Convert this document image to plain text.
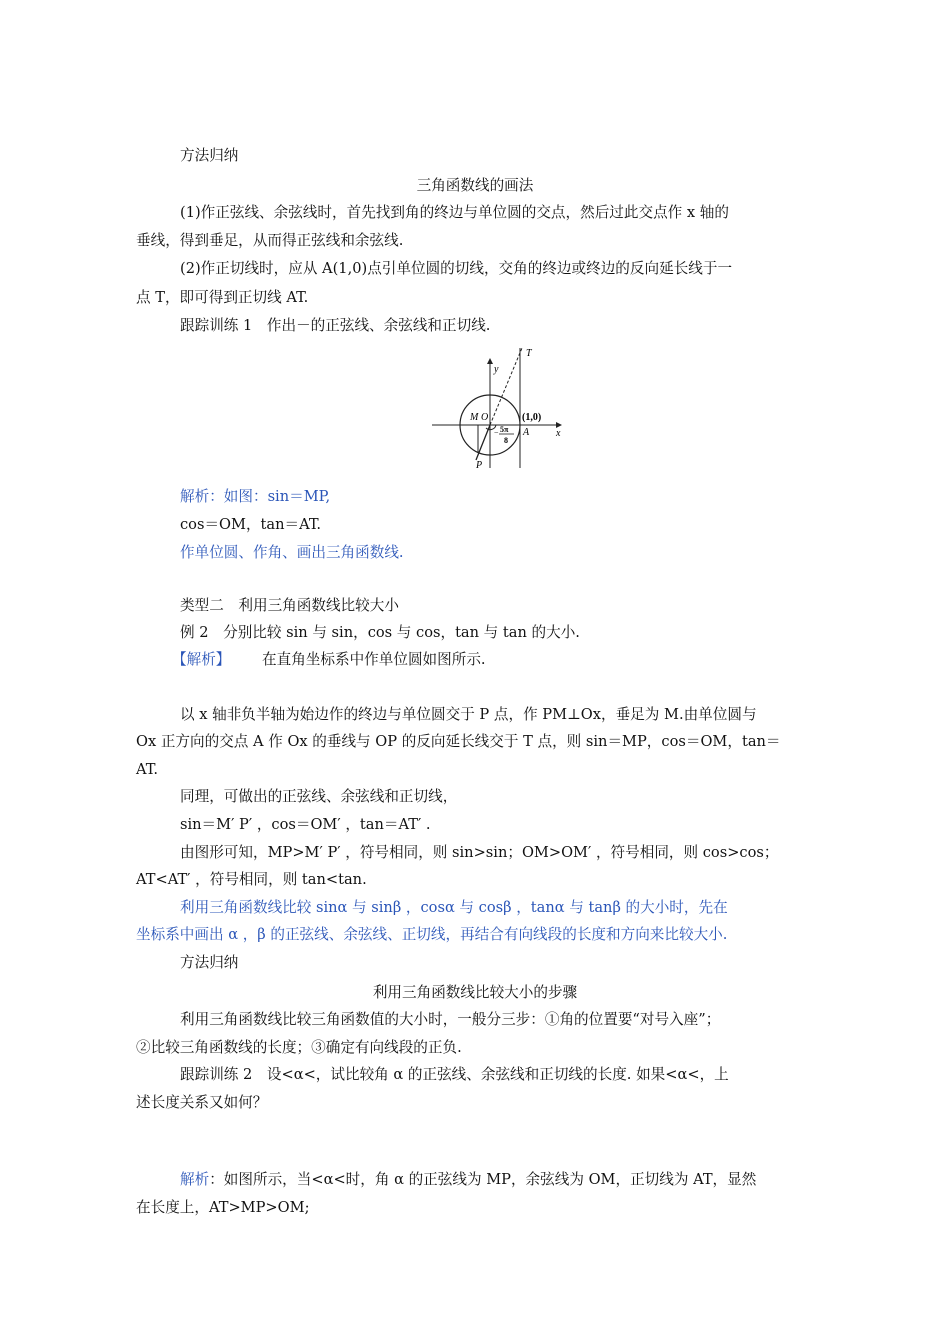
方法归纳
三角函数线的画法
(1)作正弦线、余弦线时，首先找到角的终边与单位圆的交点，然后过此交点作 x 轴的
垂线，得到垂足，从而得正弦线和余弦线.
(2)作正切线时，应从 A(1,0)点引单位圆的切线，交角的终边或终边的反向延长线于一
点 T，即可得到正切线 AT.
跟踪训练 1　作出－的正弦线、余弦线和正切线.
y
T
M O	(1,0)
A	x
P
− 5π
8
解析：如图：sin＝MP,
cos＝OM，tan＝AT.
作单位圆、作角、画出三角函数线.
类型二　利用三角函数线比较大小
例 2　分别比较 sin 与 sin，cos 与 cos，tan 与 tan 的大小.
【解析】 在直角坐标系中作单位圆如图所示.
以 x 轴非负半轴为始边作的终边与单位圆交于 P 点，作 PM⊥Ox，垂足为 M.由单位圆与
Ox 正方向的交点 A 作 Ox 的垂线与 OP 的反向延长线交于 T 点，则 sin＝MP，cos＝OM，tan＝
AT.
同理，可做出的正弦线、余弦线和正切线，
sin＝M′ P′ ，cos＝OM′ ，tan＝AT′ .
由图形可知，MP>M′ P′ ，符号相同，则 sin>sin；OM>OM′ ，符号相同，则 cos>cos；
AT<AT′ ，符号相同，则 tan<tan.
利用三角函数线比较 sinα 与 sinβ ，cosα 与 cosβ ，tanα 与 tanβ 的大小时，先在
坐标系中画出 α ，β 的正弦线、余弦线、正切线，再结合有向线段的长度和方向来比较大小.
方法归纳
利用三角函数线比较大小的步骤
利用三角函数线比较三角函数值的大小时，一般分三步：①角的位置要“对号入座”；
②比较三角函数线的长度；③确定有向线段的正负.
跟踪训练 2　设<α<，试比较角 α 的正弦线、余弦线和正切线的长度. 如果<α<，上
述长度关系又如何？
解析：如图所示，当<α<时，角 α 的正弦线为 MP，余弦线为 OM，正切线为 AT，显然
在长度上，AT>MP>OM;
